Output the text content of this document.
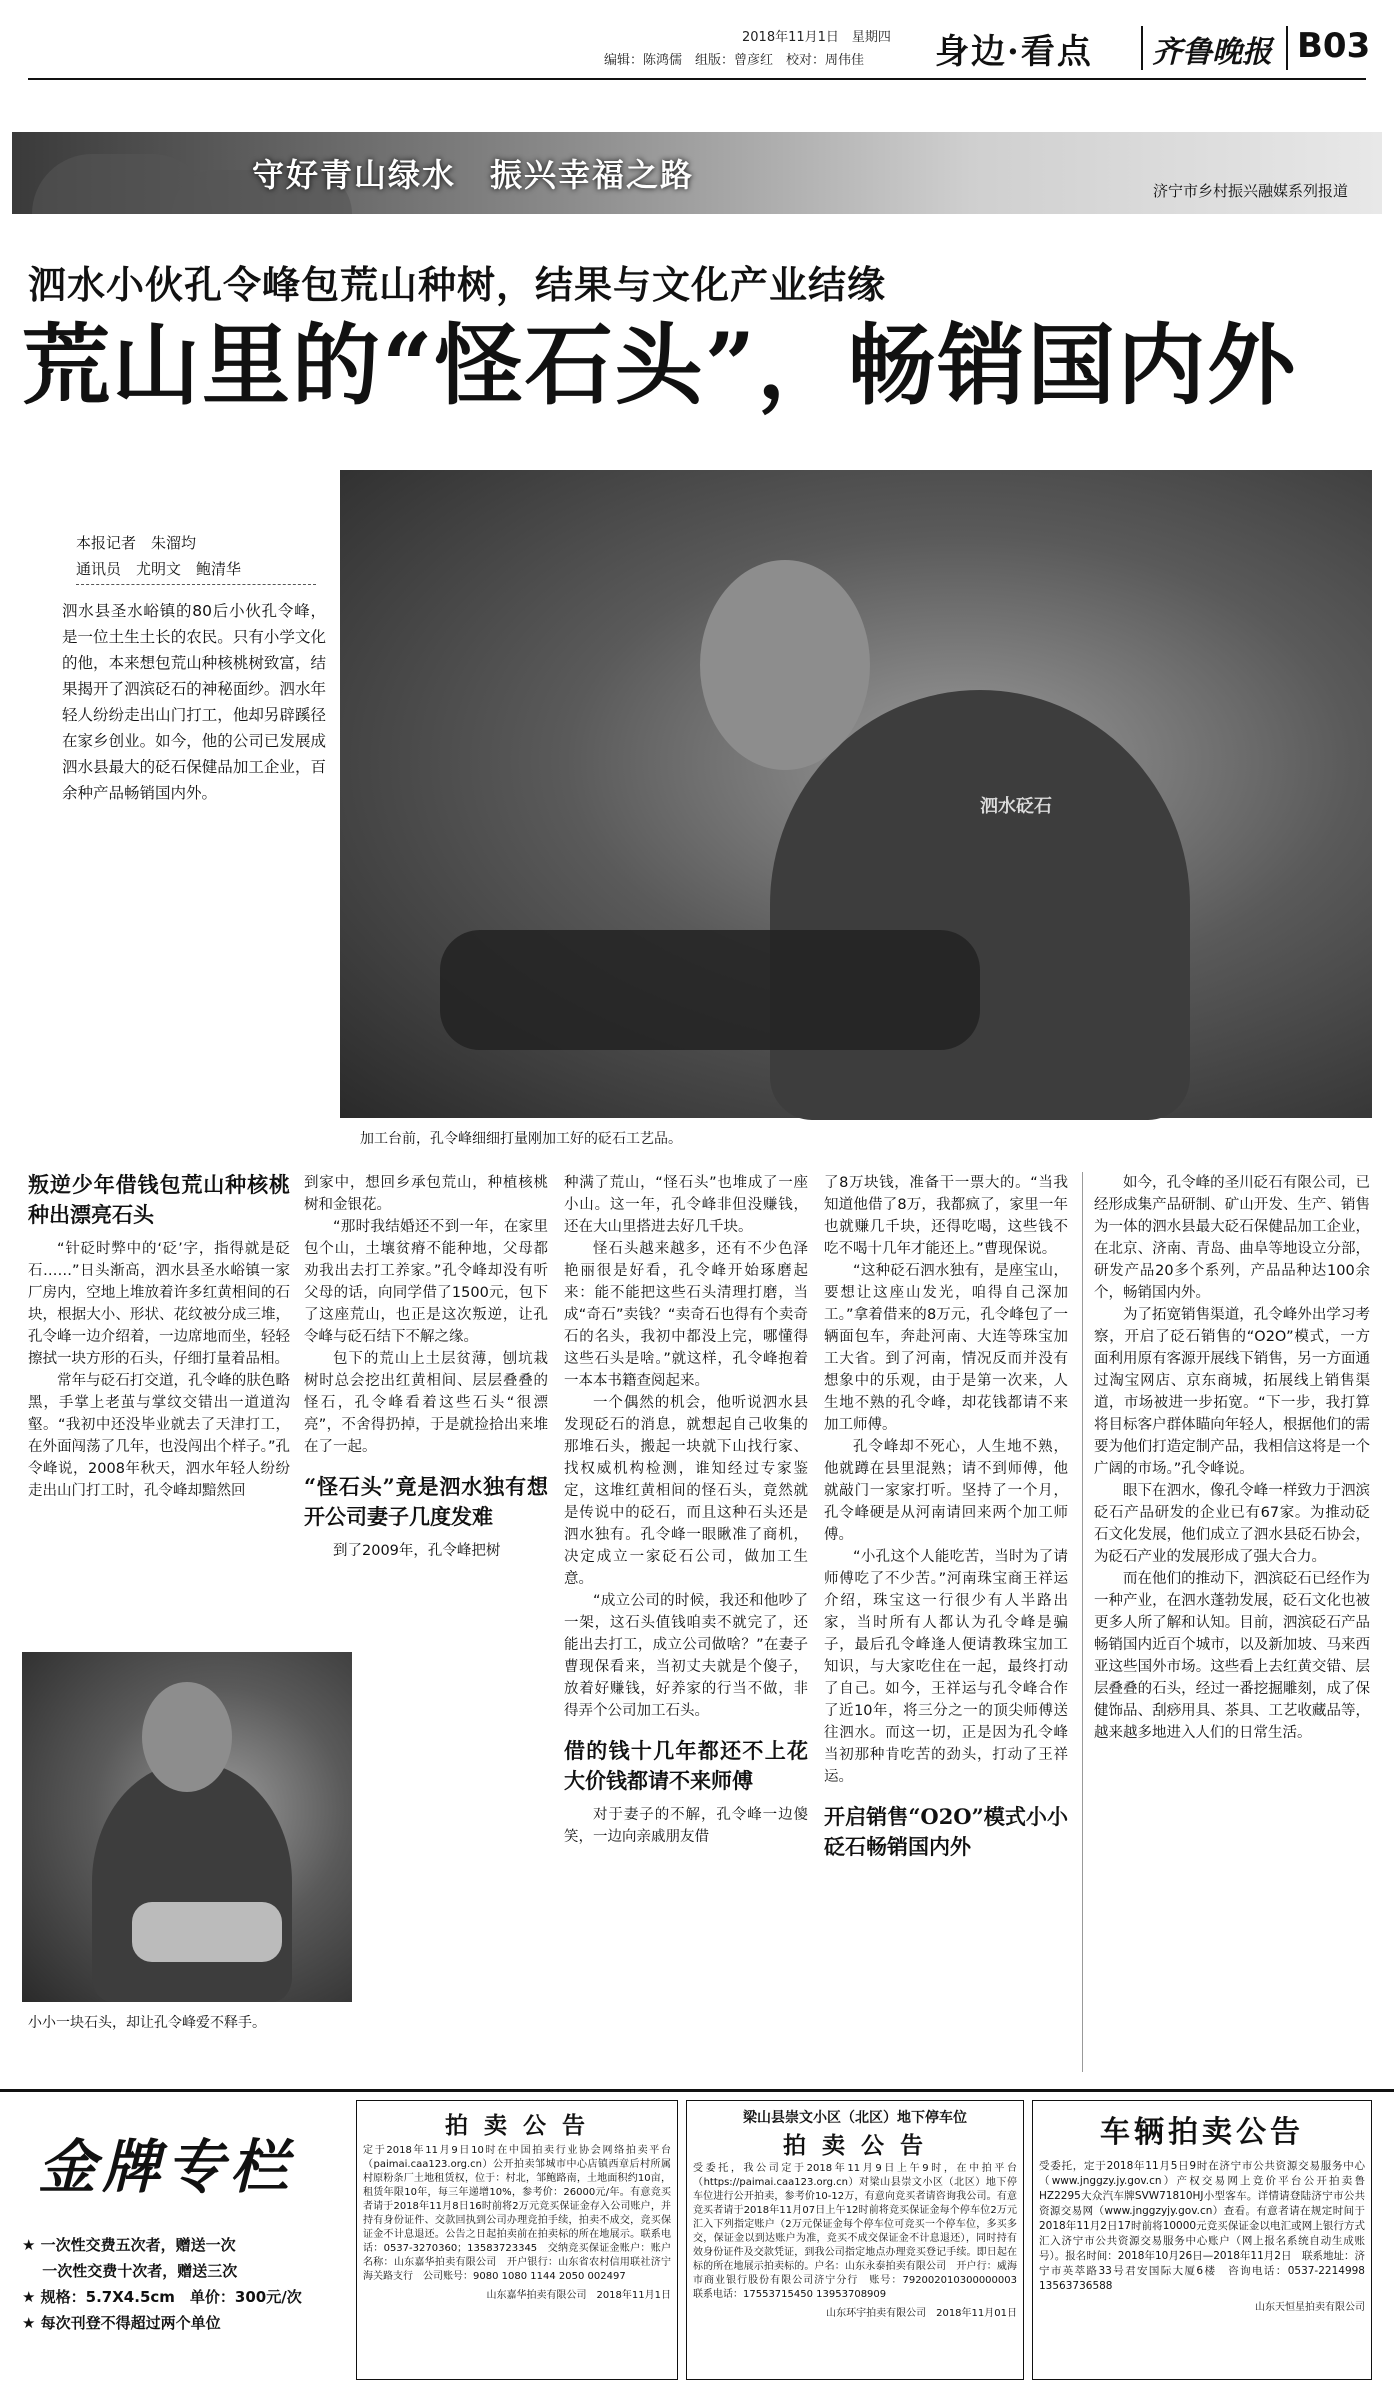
2018年11月1日　星期四
编辑：陈鸿儒　组版：曾彦红　校对：周伟佳 身边·看点 齐鲁晚报 B03
守好青山绿水　振兴幸福之路	济宁市乡村振兴融媒系列报道
泗水小伙孔令峰包荒山种树，结果与文化产业结缘
荒山里的“怪石头”，畅销国内外
本报记者　朱溜均
通讯员　尤明文　鲍清华
泗水县圣水峪镇的80后小伙孔令峰，是一位土生土长的农民。只有小学文化的他，本来想包荒山种核桃树致富，结果揭开了泗滨砭石的神秘面纱。泗水年轻人纷纷走出山门打工，他却另辟蹊径在家乡创业。如今，他的公司已发展成泗水县最大的砭石保健品加工企业，百余种产品畅销国内外。
泗水砭石
加工台前，孔令峰细细打量刚加工好的砭石工艺品。
叛逆少年借钱包荒山种核桃种出漂亮石头

“针砭时弊中的‘砭’字，指得就是砭石……”日头渐高，泗水县圣水峪镇一家厂房内，空地上堆放着许多红黄相间的石块，根据大小、形状、花纹被分成三堆，孔令峰一边介绍着，一边席地而坐，轻轻擦拭一块方形的石头，仔细打量着品相。

常年与砭石打交道，孔令峰的肤色略黑，手掌上老茧与掌纹交错出一道道沟壑。“我初中还没毕业就去了天津打工，在外面闯荡了几年，也没闯出个样子。”孔令峰说，2008年秋天，泗水年轻人纷纷走出山门打工时，孔令峰却黯然回

小小一块石头，却让孔令峰爱不释手。

到家中，想回乡承包荒山，种植核桃树和金银花。

“那时我结婚还不到一年，在家里包个山，土壤贫瘠不能种地，父母都劝我出去打工养家。”孔令峰却没有听父母的话，向同学借了1500元，包下了这座荒山，也正是这次叛逆，让孔令峰与砭石结下不解之缘。

包下的荒山上土层贫薄，刨坑栽树时总会挖出红黄相间、层层叠叠的怪石，孔令峰看着这些石头“很漂亮”，不舍得扔掉，于是就捡拾出来堆在了一起。

“怪石头”竟是泗水独有想开公司妻子几度发难

到了2009年，孔令峰把树

种满了荒山，“怪石头”也堆成了一座小山。这一年，孔令峰非但没赚钱，还在大山里搭进去好几千块。

怪石头越来越多，还有不少色泽艳丽很是好看，孔令峰开始琢磨起来：能不能把这些石头清理打磨，当成“奇石”卖钱？“卖奇石也得有个卖奇石的名头，我初中都没上完，哪懂得这些石头是啥。”就这样，孔令峰抱着一本本书籍查阅起来。

一个偶然的机会，他听说泗水县发现砭石的消息，就想起自己收集的那堆石头，搬起一块就下山找行家、找权威机构检测，谁知经过专家鉴定，这堆红黄相间的怪石头，竟然就是传说中的砭石，而且这种石头还是泗水独有。孔令峰一眼瞅准了商机，决定成立一家砭石公司，做加工生意。

“成立公司的时候，我还和他吵了一架，这石头值钱咱卖不就完了，还能出去打工，成立公司做啥？”在妻子曹现保看来，当初丈夫就是个傻子，放着好赚钱，好养家的行当不做，非得弄个公司加工石头。

借的钱十几年都还不上花大价钱都请不来师傅

对于妻子的不解，孔令峰一边傻笑，一边向亲戚朋友借

了8万块钱，准备干一票大的。“当我知道他借了8万，我都疯了，家里一年也就赚几千块，还得吃喝，这些钱不吃不喝十几年才能还上。”曹现保说。

“这种砭石泗水独有，是座宝山，要想让这座山发光，咱得自己深加工。”拿着借来的8万元，孔令峰包了一辆面包车，奔赴河南、大连等珠宝加工大省。到了河南，情况反而并没有想象中的乐观，由于是第一次来，人生地不熟的孔令峰，却花钱都请不来加工师傅。

孔令峰却不死心，人生地不熟，他就蹲在县里混熟；请不到师傅，他就敲门一家家打听。坚持了一个月，孔令峰硬是从河南请回来两个加工师傅。

“小孔这个人能吃苦，当时为了请师傅吃了不少苦。”河南珠宝商王祥运介绍，珠宝这一行很少有人半路出家，当时所有人都认为孔令峰是骗子，最后孔令峰逢人便请教珠宝加工知识，与大家吃住在一起，最终打动了自己。如今，王祥运与孔令峰合作了近10年，将三分之一的顶尖师傅送往泗水。而这一切，正是因为孔令峰当初那种肯吃苦的劲头，打动了王祥运。

开启销售“O2O”模式小小砭石畅销国内外

如今，孔令峰的圣川砭石有限公司，已经形成集产品研制、矿山开发、生产、销售为一体的泗水县最大砭石保健品加工企业，在北京、济南、青岛、曲阜等地设立分部，研发产品20多个系列，产品品种达100余个，畅销国内外。

为了拓宽销售渠道，孔令峰外出学习考察，开启了砭石销售的“O2O”模式，一方面利用原有客源开展线下销售，另一方面通过淘宝网店、京东商城，拓展线上销售渠道，市场被进一步拓宽。“下一步，我打算将目标客户群体瞄向年轻人，根据他们的需要为他们打造定制产品，我相信这将是一个广阔的市场。”孔令峰说。

眼下在泗水，像孔令峰一样致力于泗滨砭石产品研发的企业已有67家。为推动砭石文化发展，他们成立了泗水县砭石协会，为砭石产业的发展形成了强大合力。

而在他们的推动下，泗滨砭石已经作为一种产业，在泗水蓬勃发展，砭石文化也被更多人所了解和认知。目前，泗滨砭石产品畅销国内近百个城市，以及新加坡、马来西亚这些国外市场。这些看上去红黄交错、层层叠叠的石头，经过一番挖掘雕刻，成了保健饰品、刮痧用具、茶具、工艺收藏品等，越来越多地进入人们的日常生活。

金牌专栏
★ 一次性交费五次者，赠送一次
　 一次性交费十次者，赠送三次
★ 规格：5.7X4.5cm　单价：300元/次
★ 每次刊登不得超过两个单位
拍 卖 公 告
定于2018年11月9日10时在中国拍卖行业协会网络拍卖平台（paimai.caa123.org.cn）公开拍卖邹城市中心店镇西章后村所属村原粉条厂土地租赁权，位于：村北，邹鲍路南，土地面积约10亩，租赁年限10年，每三年递增10%，参考价：26000元/年。有意竞买者请于2018年11月8日16时前将2万元竞买保证金存入公司账户，并持有身份证件、交款回执到公司办理竞拍手续，拍卖不成交，竞买保证金不计息退还。公告之日起拍卖前在拍卖标的所在地展示。联系电话：0537-3270360；13583723345　交纳竞买保证金账户：账户名称：山东嘉华拍卖有限公司　开户银行：山东省农村信用联社济宁海关路支行　公司账号：9080 1080 1144 2050 002497
山东嘉华拍卖有限公司　2018年11月1日
梁山县崇文小区（北区）地下停车位
拍 卖 公 告
受委托，我公司定于2018年11月9日上午9时，在中拍平台（https://paimai.caa123.org.cn）对梁山县崇文小区（北区）地下停车位进行公开拍卖，参考价10-12万，有意向竞买者请咨询我公司。有意竞买者请于2018年11月07日上午12时前将竞买保证金每个停车位2万元汇入下列指定账户（2万元保证金每个停车位可竞买一个停车位，多买多交，保证金以到达账户为准，竞买不成交保证金不计息退还），同时持有效身份证件及交款凭证，到我公司指定地点办理竞买登记手续。即日起在标的所在地展示拍卖标的。户名：山东永泰拍卖有限公司　开户行：威海市商业银行股份有限公司济宁分行　账号：792002010300000003　联系电话：17553715450 13953708909
山东环宇拍卖有限公司　2018年11月01日
车辆拍卖公告
受委托，定于2018年11月5日9时在济宁市公共资源交易服务中心（www.jnggzy.jy.gov.cn）产权交易网上竞价平台公开拍卖鲁HZ2295大众汽车牌SVW71810HJ小型客车。详情请登陆济宁市公共资源交易网（www.jnggzyjy.gov.cn）查看。有意者请在规定时间于2018年11月2日17时前将10000元竞买保证金以电汇或网上银行方式汇入济宁市公共资源交易服务中心账户（网上报名系统自动生成账号）。报名时间：2018年10月26日—2018年11月2日　联系地址：济宁市英萃路33号君安国际大厦6楼　咨询电话：0537-2214998　13563736588
山东天恒星拍卖有限公司
